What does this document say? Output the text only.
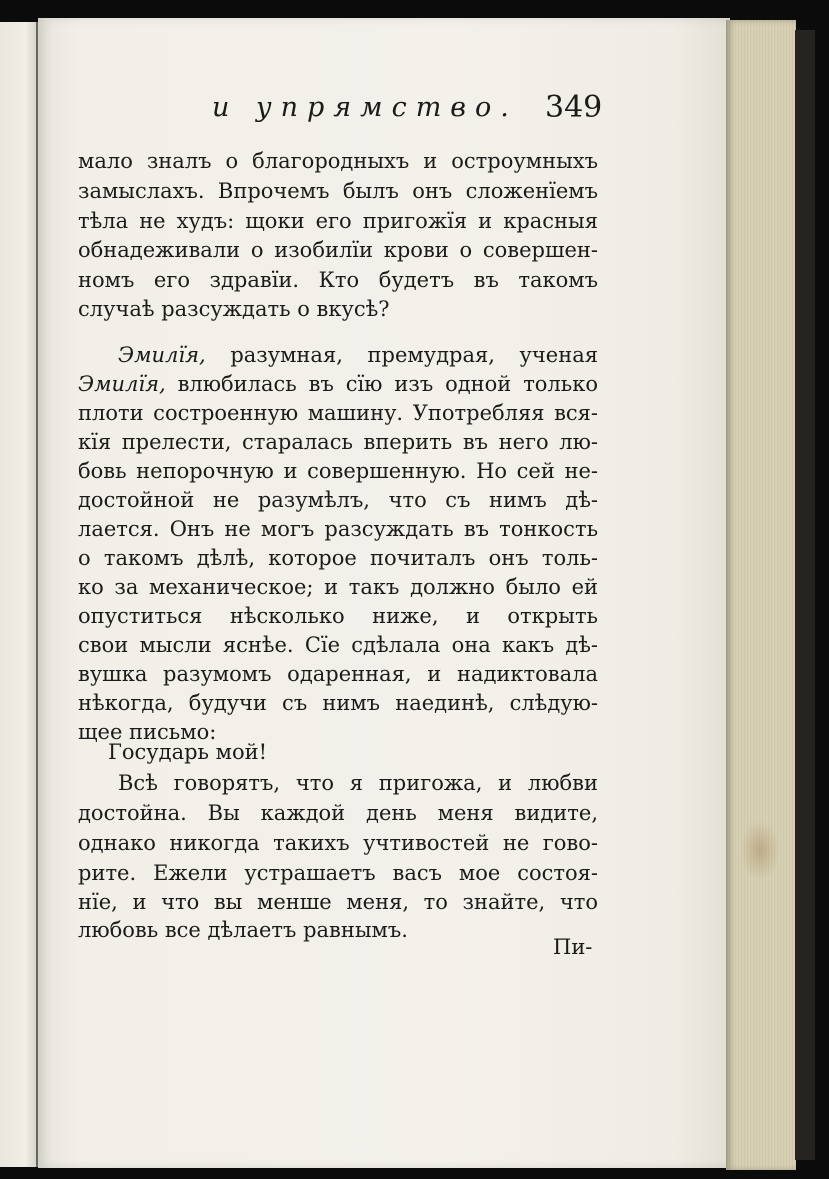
и упрямство. 349
мало зналъ о благородныхъ и остроумныхъ
замыслахъ. Впрочемъ былъ онъ сложенїемъ
тѣла не худъ: щоки его пригожїя и красныя
обнадеживали о изобилїи крови о совершен-
номъ его здравїи. Кто будетъ въ такомъ
случаѣ разсуждать о вкусѣ?
Эмилїя, разумная, премудрая, ученая
Эмилїя, влюбилась въ сїю изъ одной только
плоти состроенную машину. Употребляя вся-
кїя прелести, старалась вперить въ него лю-
бовь непорочную и совершенную. Но сей не-
достойной не разумѣлъ, что съ нимъ дѣ-
лается. Онъ не могъ разсуждать въ тонкость
о такомъ дѣлѣ, которое почиталъ онъ толь-
ко за механическое; и такъ должно было ей
опуститься нѣсколько ниже, и открыть
свои мысли яснѣе. Сїе сдѣлала она какъ дѣ-
вушка разумомъ одаренная, и надиктовала
нѣкогда, будучи съ нимъ наединѣ, слѣдую-
щее письмо:
Государь мой!
Всѣ говорятъ, что я пригожа, и любви
достойна. Вы каждой день меня видите,
однако никогда такихъ учтивостей не гово-
рите. Ежели устрашаетъ васъ мое состоя-
нїе, и что вы менше меня, то знайте, что
любовь все дѣлаетъ равнымъ.
Пи-
